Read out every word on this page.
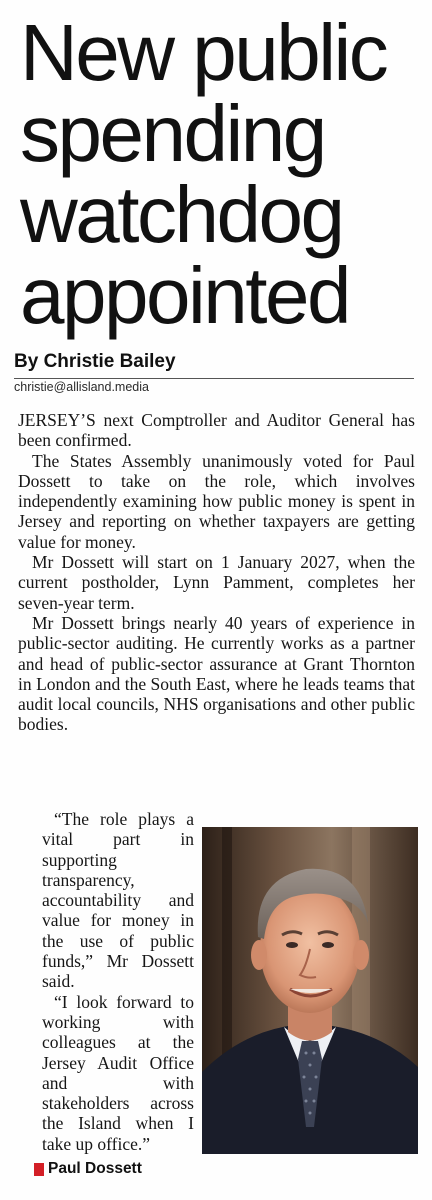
New public
spending
watchdog
appointed
By Christie Bailey
christie@allisland.media

JERSEY’S next Comptroller and Auditor General has been confirmed.

The States Assembly unanimously voted for Paul Dossett to take on the role, which involves independently examining how public money is spent in Jersey and reporting on whether taxpayers are getting value for money.

Mr Dossett will start on 1 January 2027, when the current postholder, Lynn Pamment, completes her seven-year term.

Mr Dossett brings nearly 40 years of experience in public-sector auditing. He currently works as a partner and head of public-sector assurance at Grant Thornton in London and the South East, where he leads teams that audit local councils, NHS organisations and other public bodies.

“The role plays a vital part in supporting transparency, accountability and value for money in the use of public funds,” Mr Dossett said.

“I look forward to working with colleagues at the Jersey Audit Office and with stakeholders across the Island when I take up office.”

Paul Dossett
